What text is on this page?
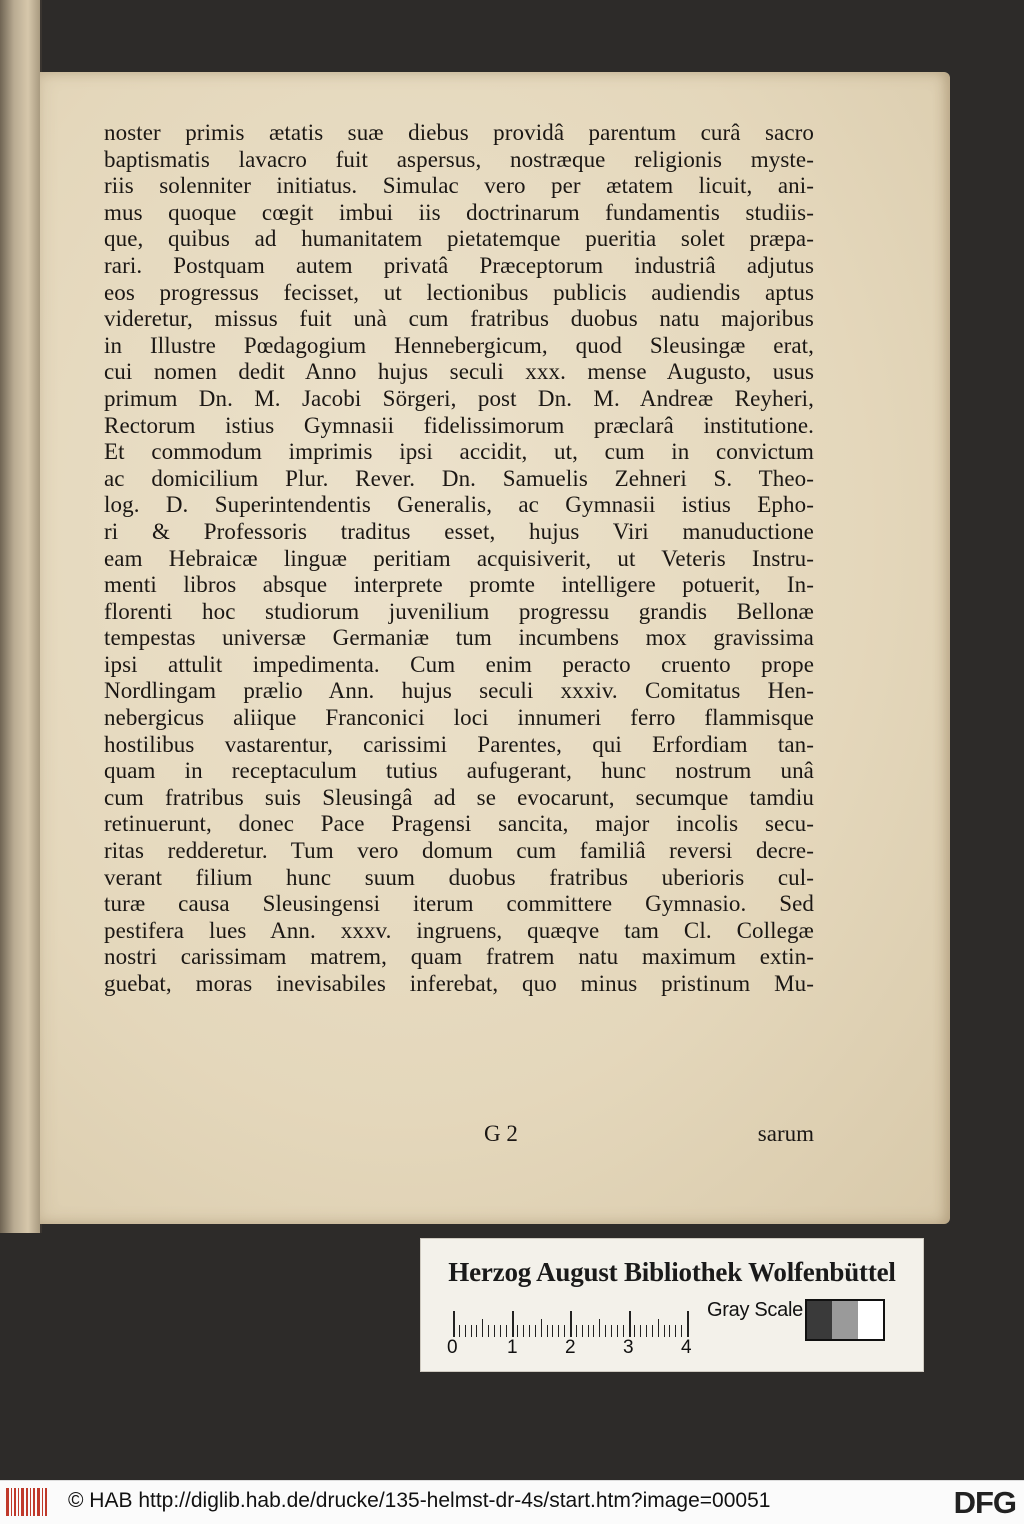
noster primis ætatis suæ diebus providâ parentum curâ sacro
baptismatis lavacro fuit aspersus, nostræque religionis myste-
riis solenniter initiatus. Simulac vero per ætatem licuit, ani-
mus quoque cœgit imbui iis doctrinarum fundamentis studiis-
que, quibus ad humanitatem pietatemque pueritia solet præpa-
rari. Postquam autem privatâ Præceptorum industriâ adjutus
eos progressus fecisset, ut lectionibus publicis audiendis aptus
videretur, missus fuit unà cum fratribus duobus natu majoribus
in Illustre Pœdagogium Hennebergicum, quod Sleusingæ erat,
cui nomen dedit Anno hujus seculi xxx. mense Augusto, usus
primum Dn. M. Jacobi Sörgeri, post Dn. M. Andreæ Reyheri,
Rectorum istius Gymnasii fidelissimorum præclarâ institutione.
Et commodum imprimis ipsi accidit, ut, cum in convictum
ac domicilium Plur. Rever. Dn. Samuelis Zehneri S. Theo-
log. D. Superintendentis Generalis, ac Gymnasii istius Epho-
ri & Professoris traditus esset, hujus Viri manuductione
eam Hebraicæ linguæ peritiam acquisiverit, ut Veteris Instru-
menti libros absque interprete promte intelligere potuerit, In-
florenti hoc studiorum juvenilium progressu grandis Bellonæ
tempestas universæ Germaniæ tum incumbens mox gravissima
ipsi attulit impedimenta. Cum enim peracto cruento prope
Nordlingam prælio Ann. hujus seculi xxxiv. Comitatus Hen-
nebergicus aliique Franconici loci innumeri ferro flammisque
hostilibus vastarentur, carissimi Parentes, qui Erfordiam tan-
quam in receptaculum tutius aufugerant, hunc nostrum unâ
cum fratribus suis Sleusingâ ad se evocarunt, secumque tamdiu
retinuerunt, donec Pace Pragensi sancita, major incolis secu-
ritas redderetur. Tum vero domum cum familiâ reversi decre-
verant filium hunc suum duobus fratribus uberioris cul-
turæ causa Sleusingensi iterum committere Gymnasio. Sed
pestifera lues Ann. xxxv. ingruens, quæqve tam Cl. Collegæ
nostri carissimam matrem, quam fratrem natu maximum extin-
guebat, moras inevisabiles inferebat, quo minus pristinum Mu-
G 2	sarum
Herzog August Bibliothek Wolfenbüttel
0	1 2 3 4
Gray Scale
© HAB http://diglib.hab.de/drucke/135-helmst-dr-4s/start.htm?image=00051	DFG
